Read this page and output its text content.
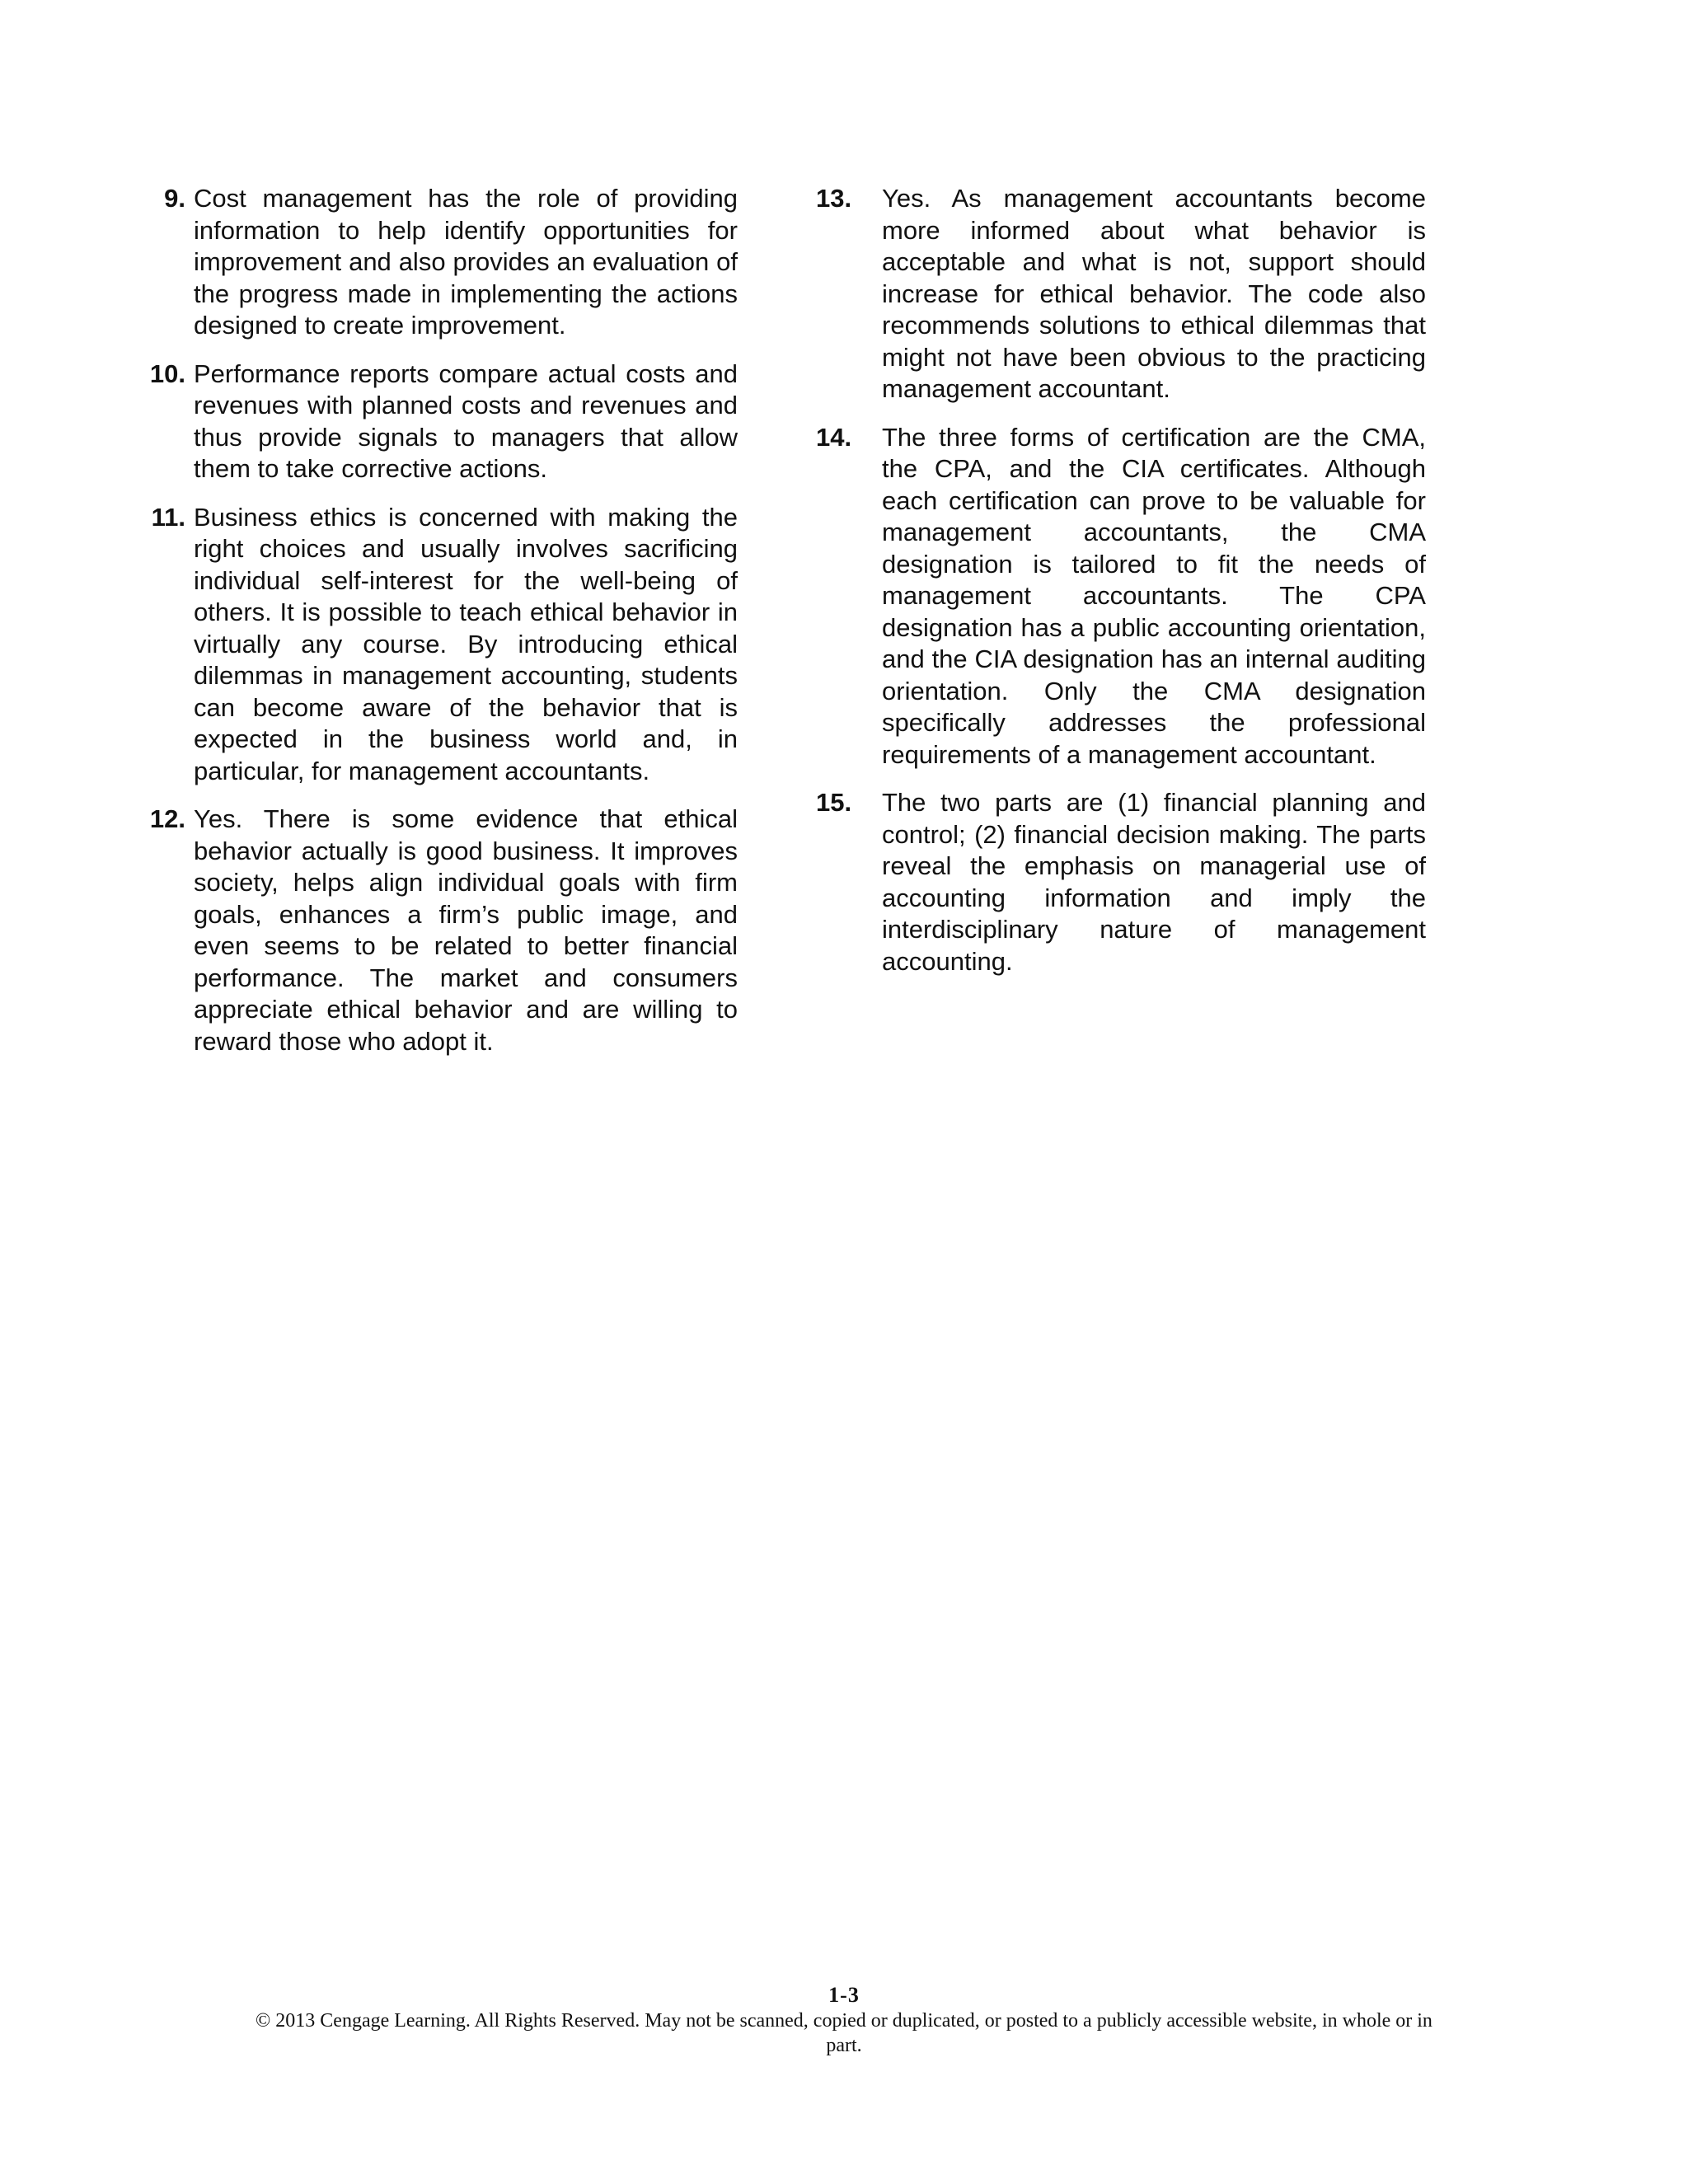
9. Cost management has the role of providing information to help identify opportunities for improvement and also provides an evaluation of the progress made in implementing the actions designed to create improvement.
10. Performance reports compare actual costs and revenues with planned costs and revenues and thus provide signals to managers that allow them to take corrective actions.
11. Business ethics is concerned with making the right choices and usually involves sacrificing individual self-interest for the well-being of others. It is possible to teach ethical behavior in virtually any course. By introducing ethical dilemmas in management accounting, students can become aware of the behavior that is expected in the business world and, in particular, for management accountants.
12. Yes. There is some evidence that ethical behavior actually is good business. It improves society, helps align individual goals with firm goals, enhances a firm’s public image, and even seems to be related to better financial performance. The market and consumers appreciate ethical behavior and are willing to reward those who adopt it.
13. Yes. As management accountants become more informed about what behavior is acceptable and what is not, support should increase for ethical behavior. The code also recommends solutions to ethical dilemmas that might not have been obvious to the practicing management accountant.
14. The three forms of certification are the CMA, the CPA, and the CIA certificates. Although each certification can prove to be valuable for management accountants, the CMA designation is tailored to fit the needs of management accountants. The CPA designation has a public accounting orientation, and the CIA designation has an internal auditing orientation. Only the CMA designation specifically addresses the professional requirements of a management accountant.
15. The two parts are (1) financial planning and control; (2) financial decision making. The parts reveal the emphasis on managerial use of accounting information and imply the interdisciplinary nature of management accounting.
1-3
© 2013 Cengage Learning. All Rights Reserved. May not be scanned, copied or duplicated, or posted to a publicly accessible website, in whole or in part.
